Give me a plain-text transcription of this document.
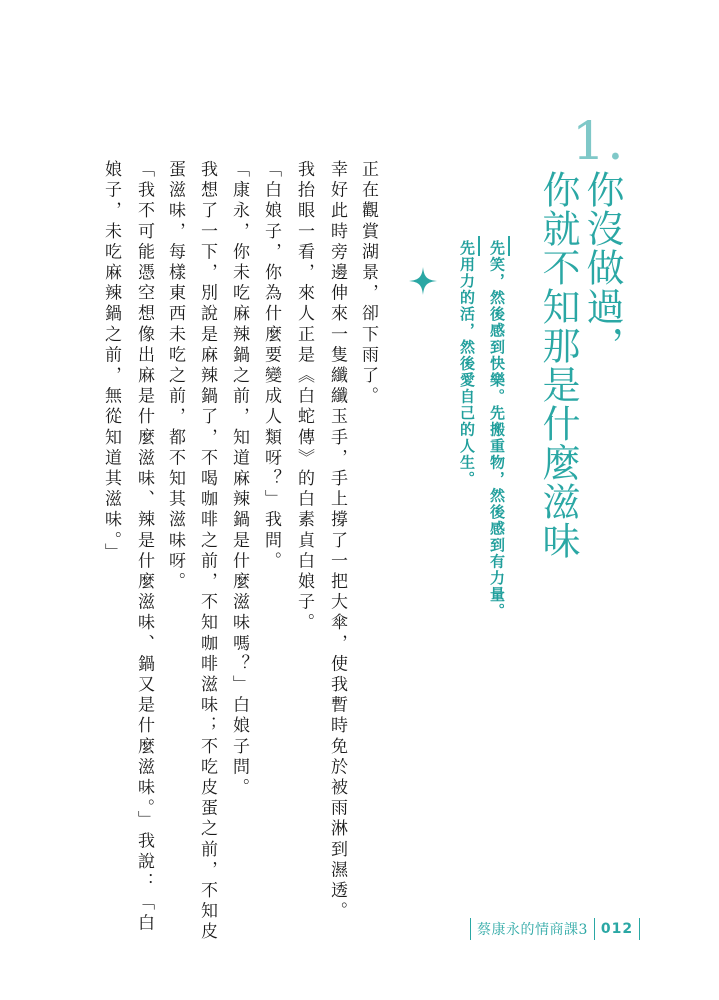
1.
你沒做過，
你就不知那是什麼滋味
先笑，然後感到快樂。先搬重物，然後感到有力量。
先用力的活，然後愛自己的人生。
正在觀賞湖景，卻下雨了。
幸好此時旁邊伸來一隻纖纖玉手，手上撐了一把大傘，使我暫時免於被雨淋到濕透。
我抬眼一看，來人正是《白蛇傳》的白素貞白娘子。
「白娘子，你為什麼要變成人類呀？」我問。
「康永，你未吃麻辣鍋之前，知道麻辣鍋是什麼滋味嗎？」白娘子問。
我想了一下，別說是麻辣鍋了，不喝咖啡之前，不知咖啡滋味；不吃皮蛋之前，不知皮
蛋滋味，每樣東西未吃之前，都不知其滋味呀。
「我不可能憑空想像出麻是什麼滋味、辣是什麼滋味、鍋又是什麼滋味。」我說：「白
娘子，未吃麻辣鍋之前，無從知道其滋味。」
蔡康永的情商課3 012
